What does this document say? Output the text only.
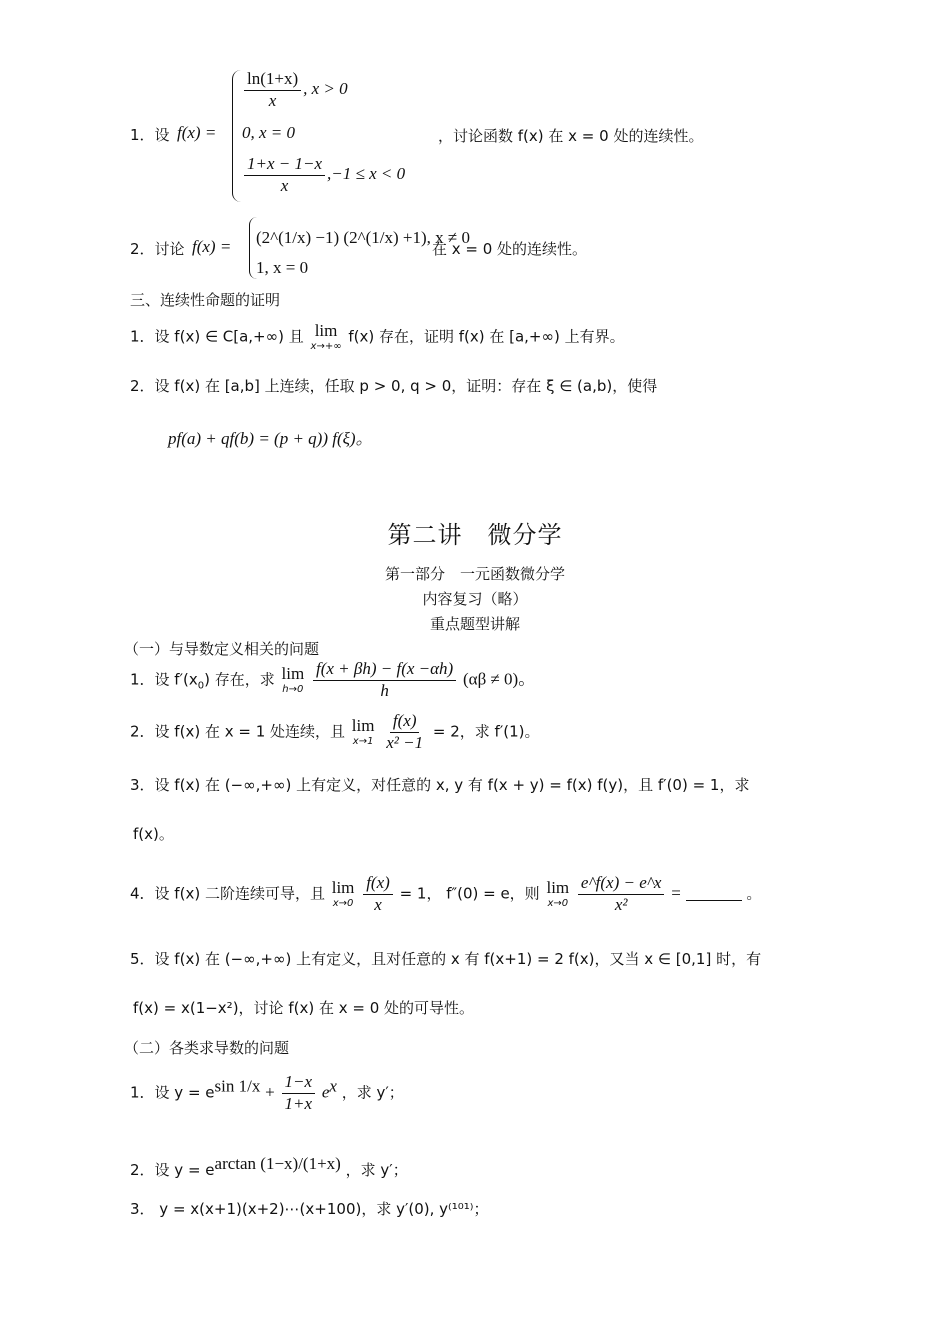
1．设 f(x) =
$\frac{\ln(1+x)}{x}$ , x > 0
0, x = 0
$\frac{1+x - 1-x}{x} ,-1 \le x < 0$
，讨论函数 f(x) 在 x = 0 处的连续性。
2．讨论 f(x) = (2^(1/x) −1) (2^(1/x) +1), x ≠ 0
1, x = 0
在 x = 0 处的连续性。
三、连续性命题的证明
1．设 f(x) ∈ C[a,+∞) 且 lim
x→+∞
f(x) 存在，证明 f(x) 在 [a,+∞) 上有界。
2．设 f(x) 在 [a,b] 上连续，任取 p > 0, q > 0，证明：存在 ξ ∈ (a,b)，使得
pf(a) + qf(b) = (p + q)) f(ξ)。
第二讲　微分学
第一部分　一元函数微分学
内容复习（略）
重点题型讲解
（一）与导数定义相关的问题
1．设 $f'(x_0)$ 存在，求 lim
h→0
$\frac{f(x + \beta h) - f(x -\alpha h)}{h} (\alpha\beta \ne 0)$。
2．设 f(x) 在 x = 1 处连续，且 lim
x→1
$\frac{f(x)}{\text{x² −1}} = 2$，求 f′(1)。
3．设 f(x) 在 (−∞,+∞) 上有定义，对任意的 x, y 有 f(x + y) = f(x) f(y)，且 f′(0) = 1，求
f(x)。
4．设 f(x) 二阶连续可导，且 lim
x→0
$\frac{f(x)}{x} = 1$， f″(0) = e，则 lim
x→0
$\frac{e\^{}f(x) - e\^{}x}{\text{x²}}$ =	。
5．设 f(x) 在 (−∞,+∞) 上有定义，且对任意的 x 有 f(x+1) = 2 f(x)，又当 x ∈ [0,1] 时，有
f(x) = x(1−x²)，讨论 f(x) 在 x = 0 处的可导性。
（二）各类求导数的问题
1．设 $y = e^{sin 1/x} + \frac{1-x}{1+x} e^x$ ，求 y′；
2．设 $y = e^{arctan (1-x)/(1+x)}$ ，求 y′；
3． y = x(x+1)(x+2)⋯(x+100)，求 y′(0), y⁽¹⁰¹⁾；
